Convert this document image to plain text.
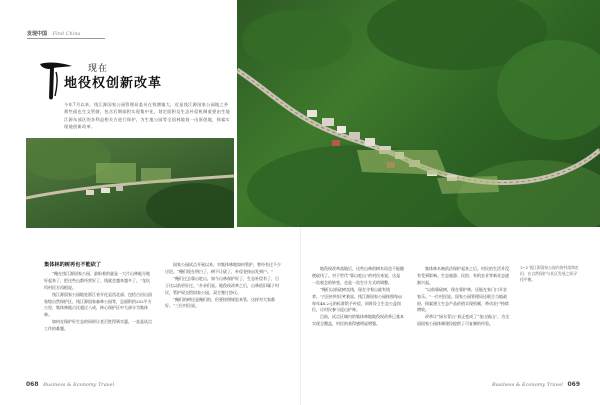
发现中国 Find China
现在
地役权创新改革
今年7月以来，钱江源国家公园管理局委员在钱塘镇大，近是钱江源国家公园地之外那些面也生文管辖，包含后期面积实现集中化，划定面积及生态补偿机制重要由生地江源东部区的各利益相关方进行保护，为生地公园等全国林地划一出原创地，探索实现地创新改革。
1~2 钱江源国家公园内的村落和农田，在自然保护与社区发展之间寻找平衡。

集体林的树再也不能砍了

“俺在钱江源国家公园，最盼着的就是一大片山林能分地好起来了，把这些山都经营好了，钱就会越来越多了。”龙坑坞村民方再根说。

钱江源国家公园地处浙江省开化县西北部，包括古田山国家级自然保护区、钱江源国家森林公园等，总面积约252平方公里，集体林地占比超过八成，核心保护区中大部分为集体林。

如何在保护好生态的同时让老百姓得到实惠，一直是试点工作的难题。

国家公园试点开展以来，对集体林地如何管护，曾经有过不少讨论。“俺们现在明白了，树不让砍了，补偿金按亩发到户。”

“俺们过去靠山吃山，如今山林保护好了，生态补偿有了，日子比以前更好过。”乡亲们说。地役权改革之后，山林依旧属于村民，管护权交给国家公园，双方签订协议。

“俺们的树还是俺们的，但要按照规矩来管，这样对大家都好。”三位村民说。

地役权改革落地后，这些山林的树木再也不能随便砍伐了。对于世代“靠山吃山”的村民来说，这是一次观念的转变，也是一次生计方式的调整。

“俺们以前砍树卖钱，现在守着山就有钱拿。”古田村村民笑着说。钱江源国家公园按照每亩每年48.2元的标准给予补偿，同时设立生态公益岗位，让村民参与巡山护林。

目前，试点区域内的集体林地地役权改革已基本实现全覆盖，村民的获得感明显增强。

集体林木被依法保护起来之后，村民的生活并没有受到影响。生态旅游、民宿、有机农业等新业态逐渐兴起。

“以前靠砍树，现在靠护林，还能在家门口开农家乐。”一位村民说。国家公园管理局还联合当地政府，探索建立生态产品价值实现机制，带动农户持续增收。

改革让“绿水青山”真正变成了“金山银山”，为全国国家公园体制建设提供了可复制的经验。

068 Business & Economy Travel	Business & Economy Travel 069
